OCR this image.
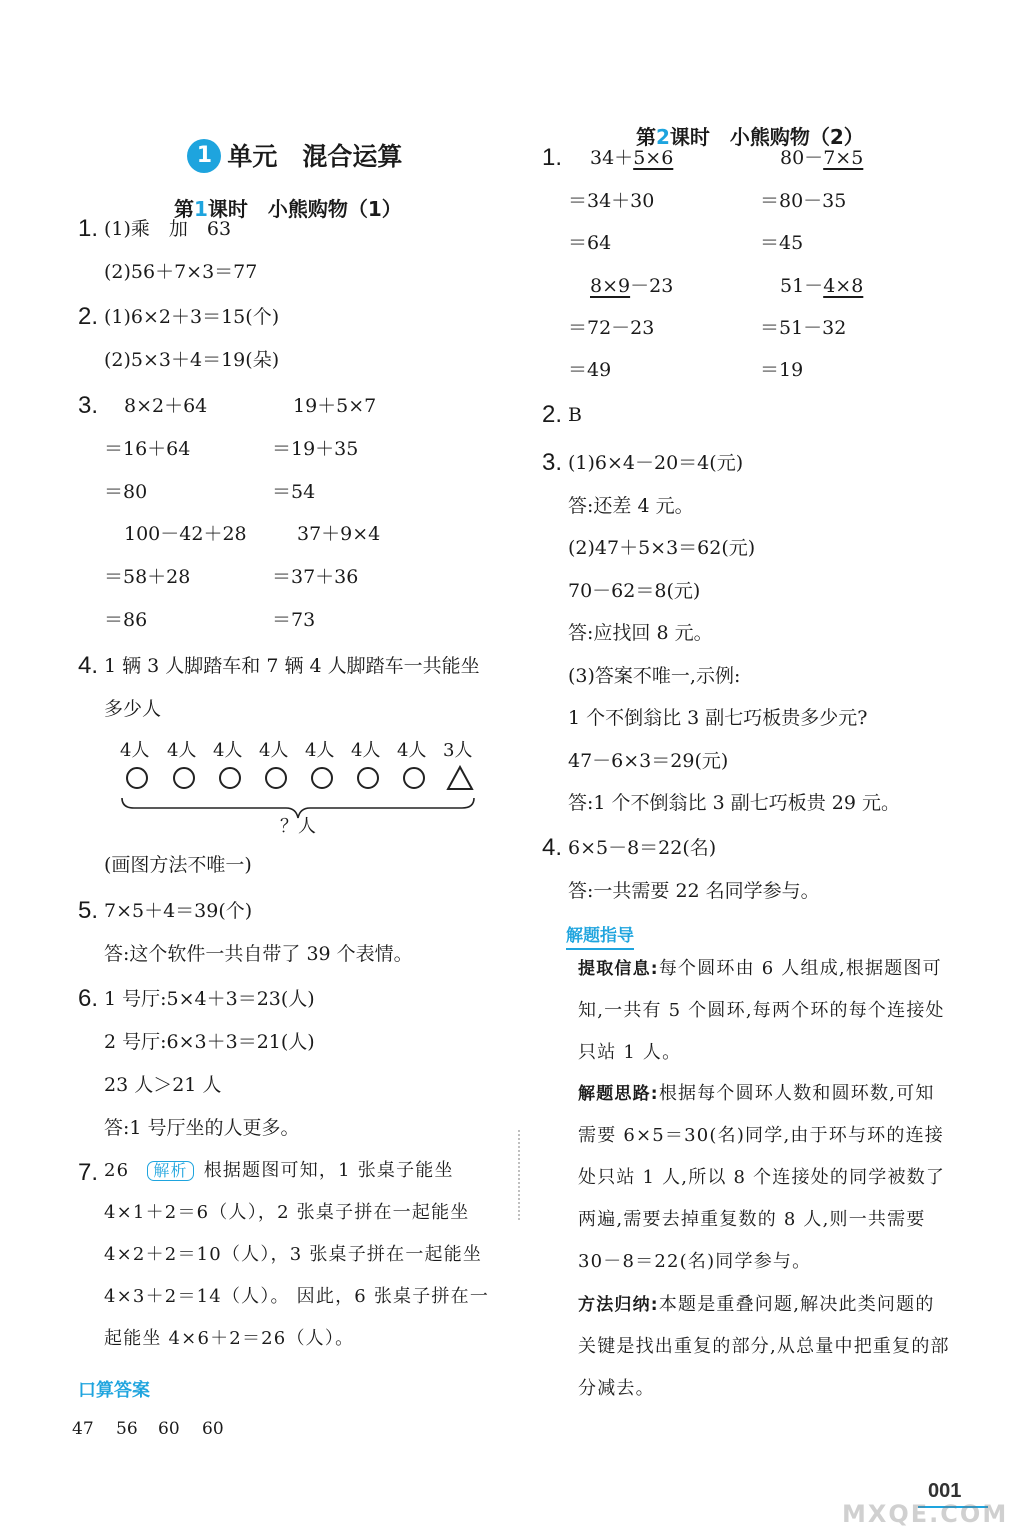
1 单元　混合运算

第1课时　小熊购物（1）

1. (1)乘　加　63
(2)56＋7×3＝77
2. (1)6×2＋3＝15(个)
(2)5×3＋4＝19(朵)
3. 8×2＋64
＝16＋64
＝80
19＋5×7
＝19＋35
＝54
100－42＋28
＝58＋28
＝86
37＋9×4
＝37＋36
＝73
4. 1 辆 3 人脚踏车和 7 辆 4 人脚踏车一共能坐
多少人

4人

4人

4人

4人

4人

4人

4人

3人

？人

(画图方法不唯一)
5. 7×5＋4＝39(个)
答:这个软件一共自带了 39 个表情。
6. 1 号厅:5×4＋3＝23(人)
2 号厅:6×3＋3＝21(人)
23 人＞21 人
答:1 号厅坐的人更多。
7. 26 解析 根据题图可知，1 张桌子能坐 4×1＋2＝6（人），2 张桌子拼在一起能坐 4×2＋2＝10（人），3 张桌子拼在一起能坐 4×3＋2＝14（人）。 因此，6 张桌子拼在一起能坐 4×6＋2＝26（人）。
口算答案
47 56 60 60

第2课时　小熊购物（2）

1. 34＋5×6
＝34＋30
＝64
80－7×5
＝80－35
＝45
8×9－23
＝72－23
＝49
51－4×8
＝51－32
＝19
2. B
3. (1)6×4－20＝4(元)
答:还差 4 元。
(2)47＋5×3＝62(元)
70－62＝8(元)
答:应找回 8 元。
(3)答案不唯一,示例:
1 个不倒翁比 3 副七巧板贵多少元?
47－6×3＝29(元)
答:1 个不倒翁比 3 副七巧板贵 29 元。
4. 6×5－8＝22(名)
答:一共需要 22 名同学参与。
解题指导
提取信息:每个圆环由 6 人组成,根据题图可知,一共有 5 个圆环,每两个环的每个连接处只站 1 人。
解题思路:根据每个圆环人数和圆环数,可知需要 6×5＝30(名)同学,由于环与环的连接处只站 1 人,所以 8 个连接处的同学被数了两遍,需要去掉重复数的 8 人,则一共需要 30－8＝22(名)同学参与。
方法归纳:本题是重叠问题,解决此类问题的关键是找出重复的部分,从总量中把重复的部分减去。
001
MXQE.COM
